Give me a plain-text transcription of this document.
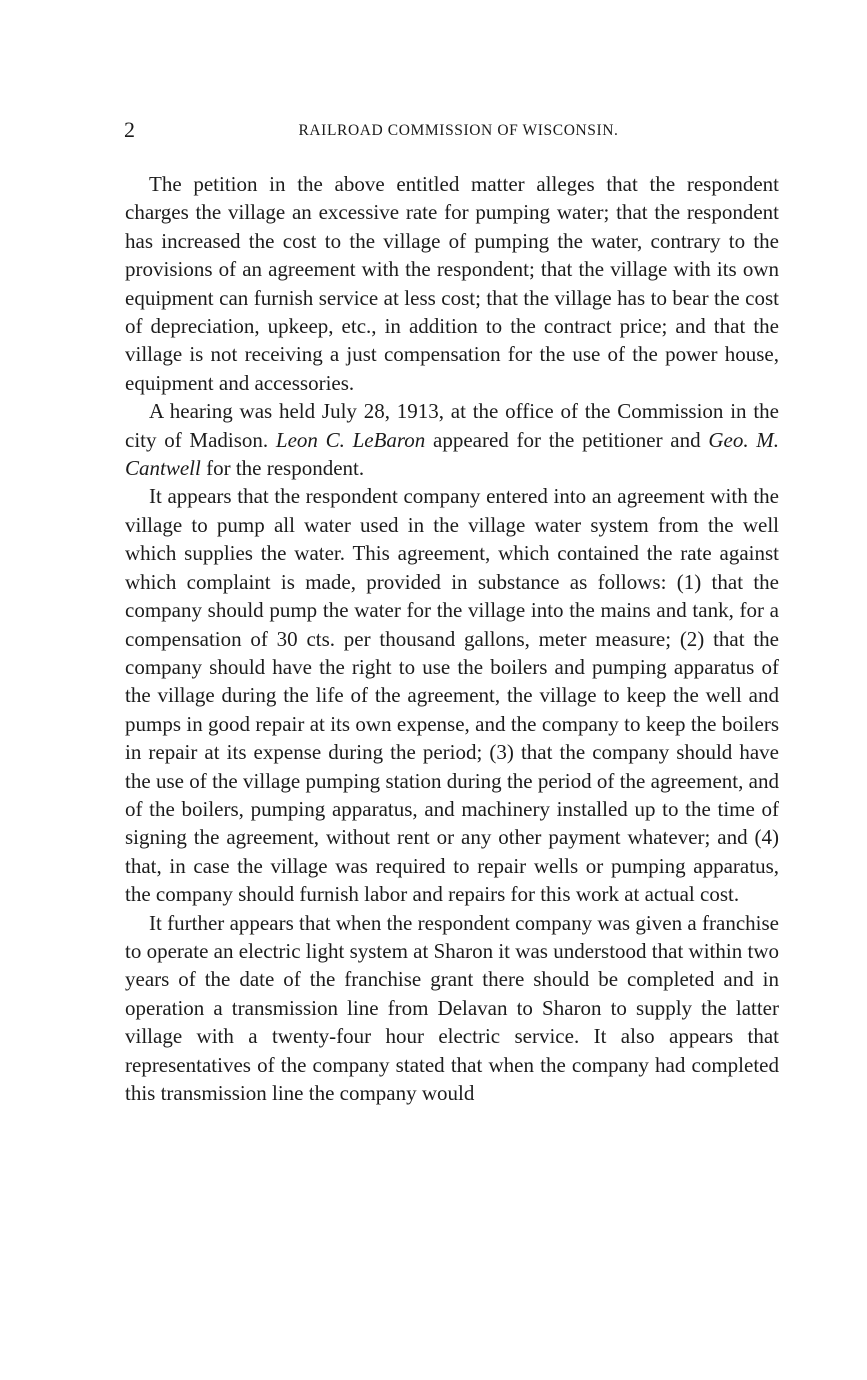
2	RAILROAD COMMISSION OF WISCONSIN.

The petition in the above entitled matter alleges that the respondent charges the village an excessive rate for pumping water; that the respondent has increased the cost to the village of pumping the water, contrary to the provisions of an agreement with the respondent; that the village with its own equipment can furnish service at less cost; that the village has to bear the cost of depreciation, upkeep, etc., in addition to the contract price; and that the village is not receiving a just compensation for the use of the power house, equipment and accessories.

A hearing was held July 28, 1913, at the office of the Commission in the city of Madison. Leon C. LeBaron appeared for the petitioner and Geo. M. Cantwell for the respondent.

It appears that the respondent company entered into an agreement with the village to pump all water used in the village water system from the well which supplies the water. This agreement, which contained the rate against which complaint is made, provided in substance as follows: (1) that the company should pump the water for the village into the mains and tank, for a compensation of 30 cts. per thousand gallons, meter measure; (2) that the company should have the right to use the boilers and pumping apparatus of the village during the life of the agreement, the village to keep the well and pumps in good repair at its own expense, and the company to keep the boilers in repair at its expense during the period; (3) that the company should have the use of the village pumping station during the period of the agreement, and of the boilers, pumping apparatus, and machinery installed up to the time of signing the agreement, without rent or any other payment whatever; and (4) that, in case the village was required to repair wells or pumping apparatus, the company should furnish labor and repairs for this work at actual cost.

It further appears that when the respondent company was given a franchise to operate an electric light system at Sharon it was understood that within two years of the date of the franchise grant there should be completed and in operation a transmission line from Delavan to Sharon to supply the latter village with a twenty-four hour electric service. It also appears that representatives of the company stated that when the company had completed this transmission line the company would
